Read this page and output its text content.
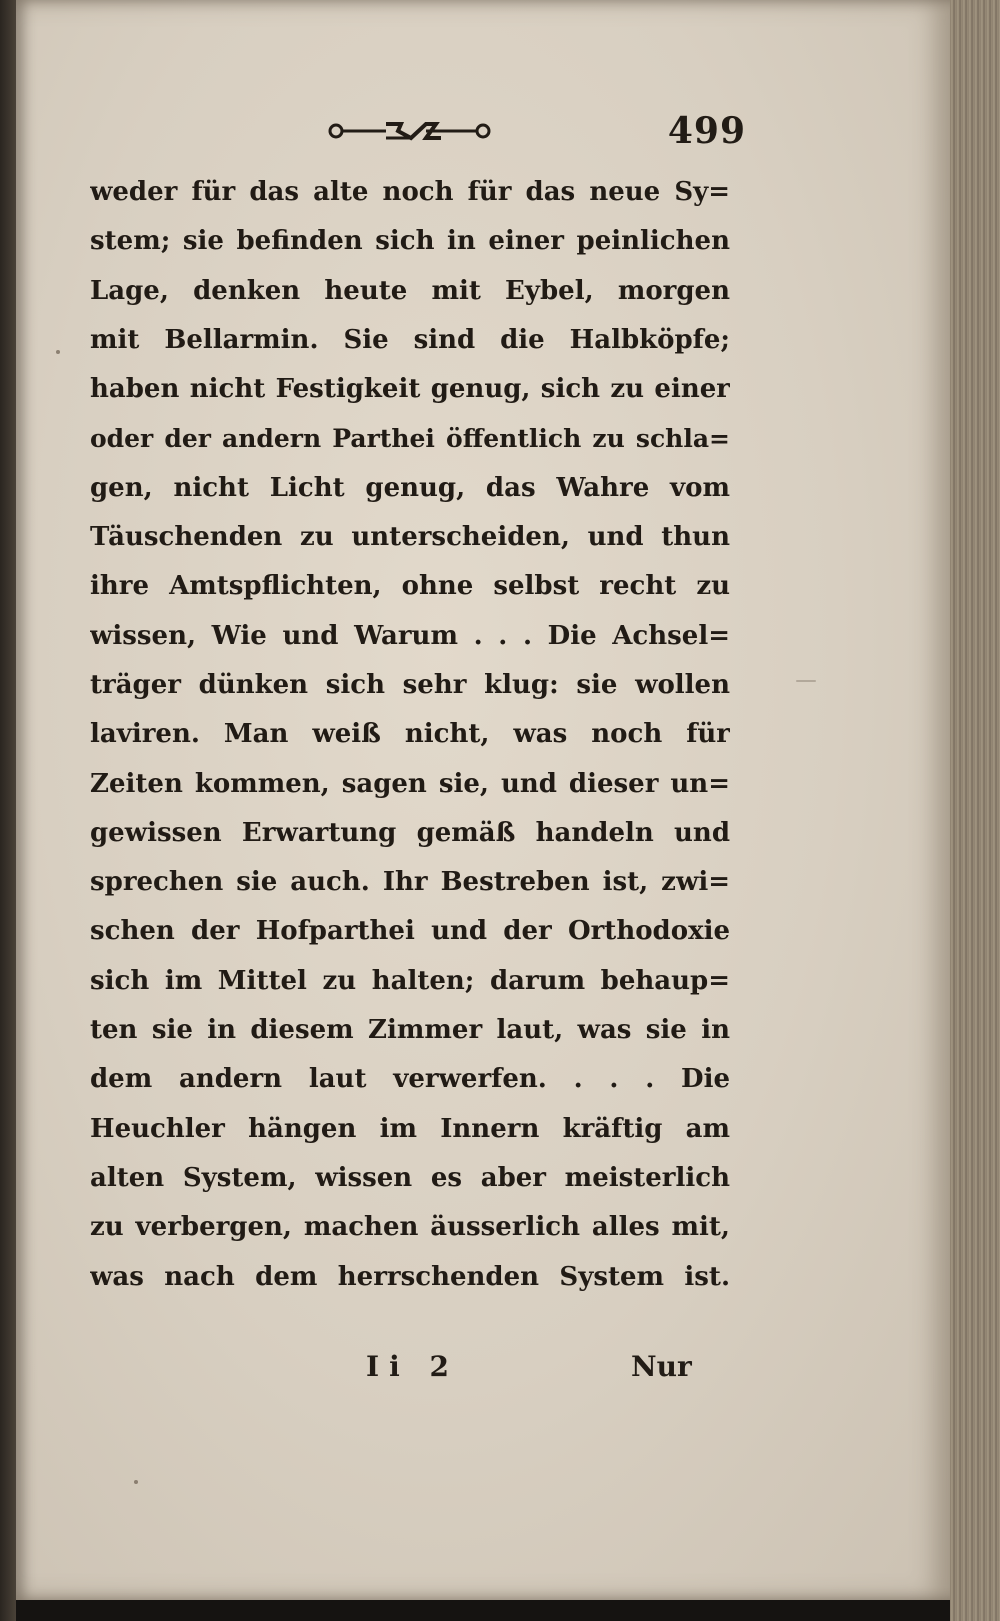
499
weder für das alte noch für das neue Sy=
stem; sie befinden sich in einer peinlichen
Lage, denken heute mit Eybel, morgen
mit Bellarmin. Sie sind die Halbköpfe;
haben nicht Festigkeit genug, sich zu einer
oder der andern Parthei öffentlich zu schla=
gen, nicht Licht genug, das Wahre vom
Täuschenden zu unterscheiden, und thun
ihre Amtspflichten, ohne selbst recht zu
wissen, Wie und Warum . . . Die Achsel=
träger dünken sich sehr klug: sie wollen
laviren. Man weiß nicht, was noch für
Zeiten kommen, sagen sie, und dieser un=
gewissen Erwartung gemäß handeln und
sprechen sie auch. Ihr Bestreben ist, zwi=
schen der Hofparthei und der Orthodoxie
sich im Mittel zu halten; darum behaup=
ten sie in diesem Zimmer laut, was sie in
dem andern laut verwerfen. . . . Die
Heuchler hängen im Innern kräftig am
alten System, wissen es aber meisterlich
zu verbergen, machen äusserlich alles mit,
was nach dem herrschenden System ist.
Ii 2	Nur
